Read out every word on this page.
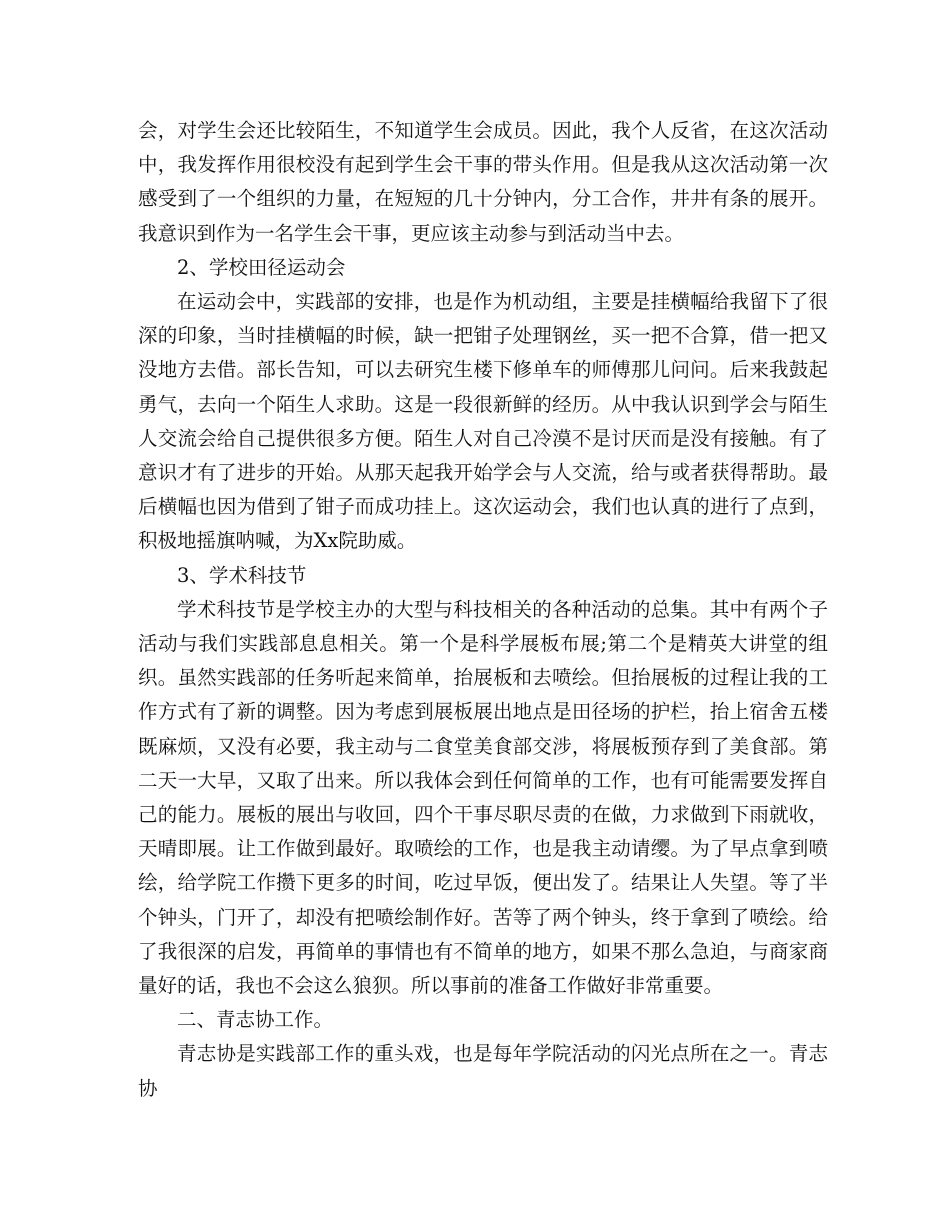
会，对学生会还比较陌生，不知道学生会成员。因此，我个人反省，在这次活动中，我发挥作用很校没有起到学生会干事的带头作用。但是我从这次活动第一次感受到了一个组织的力量，在短短的几十分钟内，分工合作，井井有条的展开。我意识到作为一名学生会干事，更应该主动参与到活动当中去。

2、学校田径运动会

在运动会中，实践部的安排，也是作为机动组，主要是挂横幅给我留下了很深的印象，当时挂横幅的时候，缺一把钳子处理钢丝，买一把不合算，借一把又没地方去借。部长告知，可以去研究生楼下修单车的师傅那儿问问。后来我鼓起勇气，去向一个陌生人求助。这是一段很新鲜的经历。从中我认识到学会与陌生人交流会给自己提供很多方便。陌生人对自己冷漠不是讨厌而是没有接触。有了意识才有了进步的开始。从那天起我开始学会与人交流，给与或者获得帮助。最后横幅也因为借到了钳子而成功挂上。这次运动会，我们也认真的进行了点到，积极地摇旗呐喊，为Xx院助威。

3、学术科技节

学术科技节是学校主办的大型与科技相关的各种活动的总集。其中有两个子活动与我们实践部息息相关。第一个是科学展板布展;第二个是精英大讲堂的组织。虽然实践部的任务听起来简单，抬展板和去喷绘。但抬展板的过程让我的工作方式有了新的调整。因为考虑到展板展出地点是田径场的护栏，抬上宿舍五楼既麻烦，又没有必要，我主动与二食堂美食部交涉，将展板预存到了美食部。第二天一大早，又取了出来。所以我体会到任何简单的工作，也有可能需要发挥自己的能力。展板的展出与收回，四个干事尽职尽责的在做，力求做到下雨就收，天晴即展。让工作做到最好。取喷绘的工作，也是我主动请缨。为了早点拿到喷绘，给学院工作攒下更多的时间，吃过早饭，便出发了。结果让人失望。等了半个钟头，门开了，却没有把喷绘制作好。苦等了两个钟头，终于拿到了喷绘。给了我很深的启发，再简单的事情也有不简单的地方，如果不那么急迫，与商家商量好的话，我也不会这么狼狈。所以事前的准备工作做好非常重要。

二、青志协工作。

青志协是实践部工作的重头戏，也是每年学院活动的闪光点所在之一。青志协
